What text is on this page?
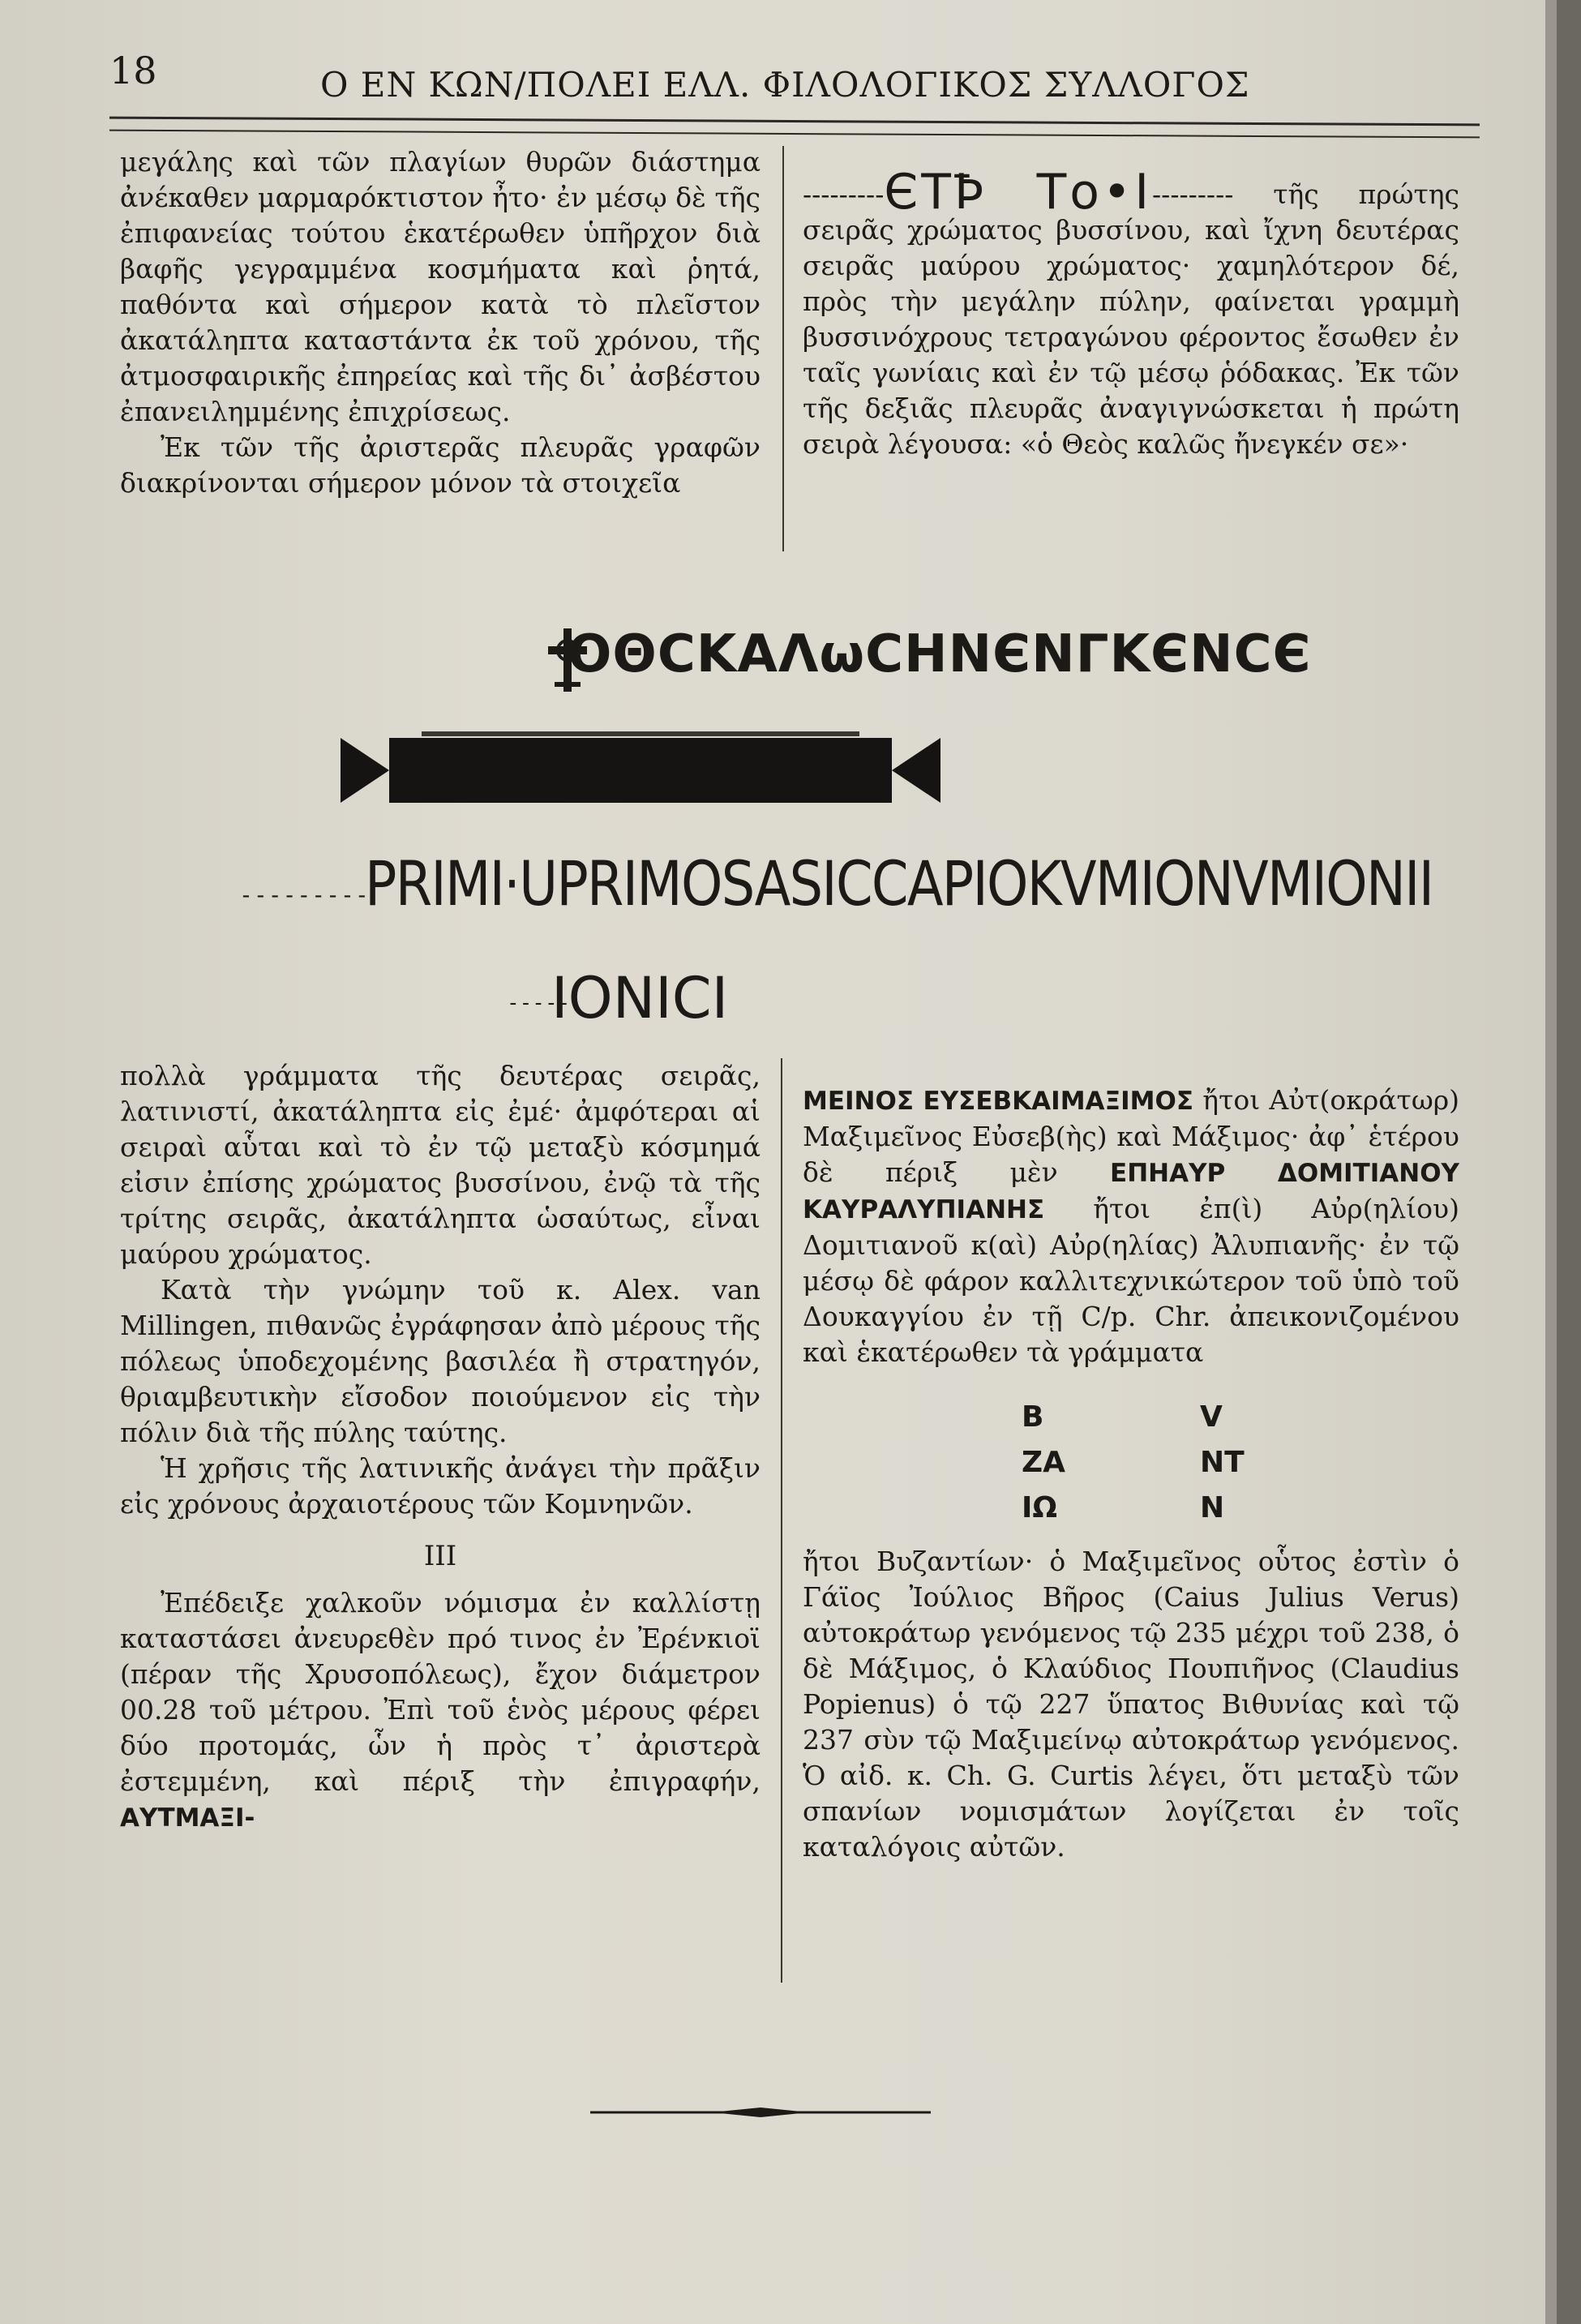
18	Ο ΕΝ ΚΩΝ/ΠΟΛΕΙ ΕΛΛ. ΦΙΛΟΛΟΓΙΚΟΣ ΣΥΛΛΟΓΟΣ

μεγάλης καὶ τῶν πλαγίων θυρῶν διάστημα ἀνέκαθεν μαρμαρόκτιστον ἦτο· ἐν μέσῳ δὲ τῆς ἐπιφανείας τούτου ἑκατέρωθεν ὑπῆρχον διὰ βαφῆς γεγραμμένα κοσμήματα καὶ ῥητά, παθόντα καὶ σήμερον κατὰ τὸ πλεῖστον ἀκατάληπτα καταστάντα ἐκ τοῦ χρόνου, τῆς ἀτμοσφαιρικῆς ἐπηρείας καὶ τῆς δι᾽ ἀσβέστου ἐπανειλημμένης ἐπιχρίσεως.

Ἐκ τῶν τῆς ἀριστερᾶς πλευρᾶς γραφῶν διακρίνονται σήμερον μόνον τὰ στοιχεῖα

---------ЄΤꝤ Το•Ι--------- τῆς πρώτης σειρᾶς χρώματος βυσσίνου, καὶ ἴχνη δευτέρας σειρᾶς μαύρου χρώματος· χαμηλότερον δέ, πρὸς τὴν μεγάλην πύλην, φαίνεται γραμμὴ βυσσινόχρους τετραγώνου φέροντος ἔσωθεν ἐν ταῖς γωνίαις καὶ ἐν τῷ μέσῳ ῥόδακας. Ἐκ τῶν τῆς δεξιᾶς πλευρᾶς ἀναγιγνώσκεται ἡ πρώτη σειρὰ λέγουσα: «ὁ Θεὸς καλῶς ἤνεγκέν σε»·

ΟΘϹΚΑΛωϹΗΝЄΝΓΚЄΝϹЄ
---------
PRIMI·UPRIMOSASICCAPIOKVMIONVMIONII
-----
IONICI

πολλὰ γράμματα τῆς δευτέρας σειρᾶς, λατινιστί, ἀκατάληπτα εἰς ἐμέ· ἀμφότεραι αἱ σειραὶ αὗται καὶ τὸ ἐν τῷ μεταξὺ κόσμημά εἰσιν ἐπίσης χρώματος βυσσίνου, ἐνῷ τὰ τῆς τρίτης σειρᾶς, ἀκατάληπτα ὡσαύτως, εἶναι μαύρου χρώματος.

Κατὰ τὴν γνώμην τοῦ κ. Alex. van Millingen, πιθανῶς ἐγράφησαν ἀπὸ μέρους τῆς πόλεως ὑποδεχομένης βασιλέα ἢ στρατηγόν, θριαμβευτικὴν εἴσοδον ποιούμενον εἰς τὴν πόλιν διὰ τῆς πύλης ταύτης.

Ἡ χρῆσις τῆς λατινικῆς ἀνάγει τὴν πρᾶξιν εἰς χρόνους ἀρχαιοτέρους τῶν Κομνηνῶν.

III

Ἐπέδειξε χαλκοῦν νόμισμα ἐν καλλίστῃ καταστάσει ἀνευρεθὲν πρό τινος ἐν Ἐρένκιοϊ (πέραν τῆς Χρυσοπόλεως), ἔχον διάμετρον 00.28 τοῦ μέτρου. Ἐπὶ τοῦ ἑνὸς μέρους φέρει δύο προτομάς, ὧν ἡ πρὸς τ᾽ ἀριστερὰ ἐστεμμένη, καὶ πέριξ τὴν ἐπιγραφήν, ΑΥΤΜΑΞΙ-

ΜΕΙΝΟΣ ΕΥΣΕΒΚΑΙΜΑΞΙΜΟΣ ἤτοι Αὐτ(οκράτωρ) Μαξιμεῖνος Εὐσεβ(ὴς) καὶ Μάξιμος· ἀφ᾽ ἑτέρου δὲ πέριξ μὲν ΕΠΗΑΥΡ ΔΟΜΙΤΙΑΝΟΥ ΚΑΥΡΑΛΥΠΙΑΝΗΣ ἤτοι ἐπ(ὶ) Αὐρ(ηλίου) Δομιτιανοῦ κ(αὶ) Αὐρ(ηλίας) Ἀλυπιανῆς· ἐν τῷ μέσῳ δὲ φάρον καλλιτεχνικώτερον τοῦ ὑπὸ τοῦ Δουκαγγίου ἐν τῇ C/p. Chr. ἀπεικονιζομένου καὶ ἑκατέρωθεν τὰ γράμματα

B	V
ZA	NT
IΩ	N

ἤτοι Βυζαντίων· ὁ Μαξιμεῖνος οὗτος ἐστὶν ὁ Γάϊος Ἰούλιος Βῆρος (Caius Julius Verus) αὐτοκράτωρ γενόμενος τῷ 235 μέχρι τοῦ 238, ὁ δὲ Μάξιμος, ὁ Κλαύδιος Πουπιῆνος (Claudius Popienus) ὁ τῷ 227 ὕπατος Βιθυνίας καὶ τῷ 237 σὺν τῷ Μαξιμείνῳ αὐτοκράτωρ γενόμενος. Ὁ αἰδ. κ. Ch. G. Curtis λέγει, ὅτι μεταξὺ τῶν σπανίων νομισμάτων λογίζεται ἐν τοῖς καταλόγοις αὐτῶν.
